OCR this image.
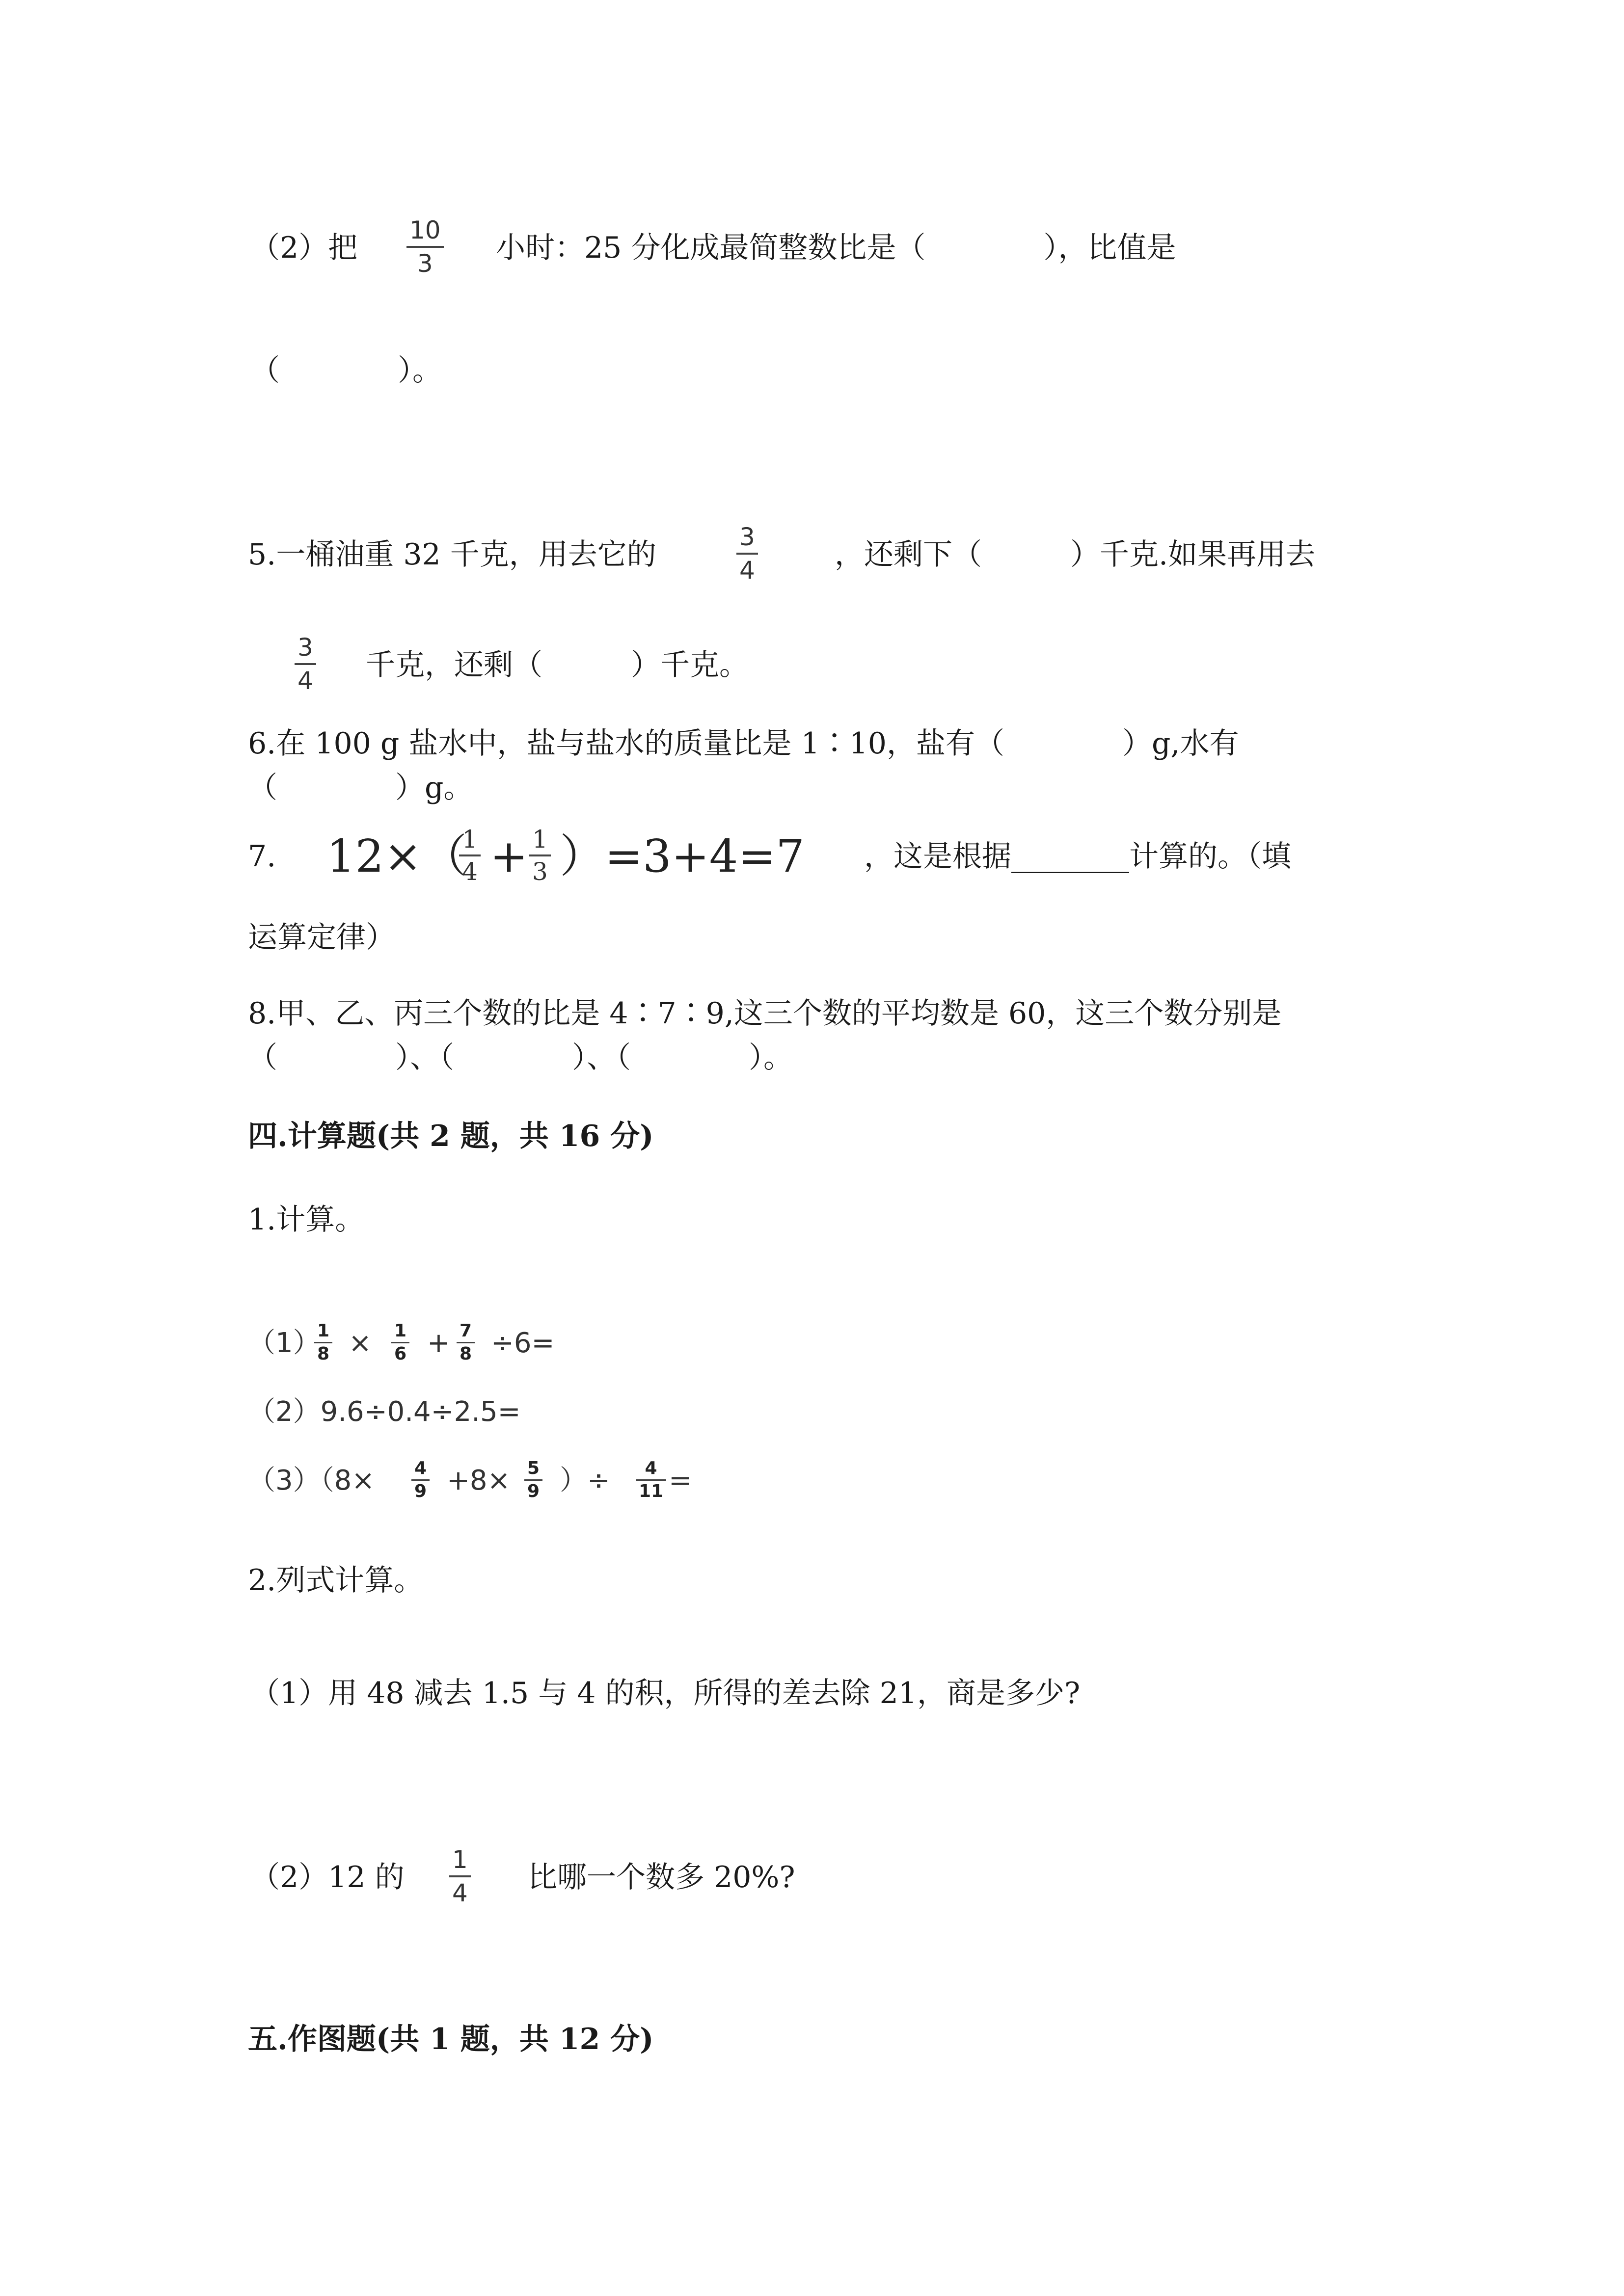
（2）把
10
3 小时：25 分化成最简整数比是（　　　　），比值是
（　　　　）。
5.一桶油重 32 千克，用去它的
3
4	，还剩下（　　　）千克.如果再用去
3
4 千克，还剩（　　　）千克。
6.在 100 g 盐水中，盐与盐水的质量比是 1∶10，盐有（　　　　）g,水有
（　　　　）g。
7. 12×（
1
4 + 1
3 ）=3+4=7 ，这是根据________计算的。（填
运算定律）
8.甲、乙、丙三个数的比是 4∶7∶9,这三个数的平均数是 60，这三个数分别是
（　　　　）、（　　　　）、（　　　　）。
四.计算题(共 2 题，共 16 分)
1.计算。
（1）
1
8 × 1
6 + 7
8 ÷6=
（2）9.6÷0.4÷2.5=
（3）（8× 4
9 +8× 5
9 ）÷ 4
11 =
2.列式计算。
（1）用 48 减去 1.5 与 4 的积，所得的差去除 21，商是多少?
（2）12 的
1
4 比哪一个数多 20%?
五.作图题(共 1 题，共 12 分)
